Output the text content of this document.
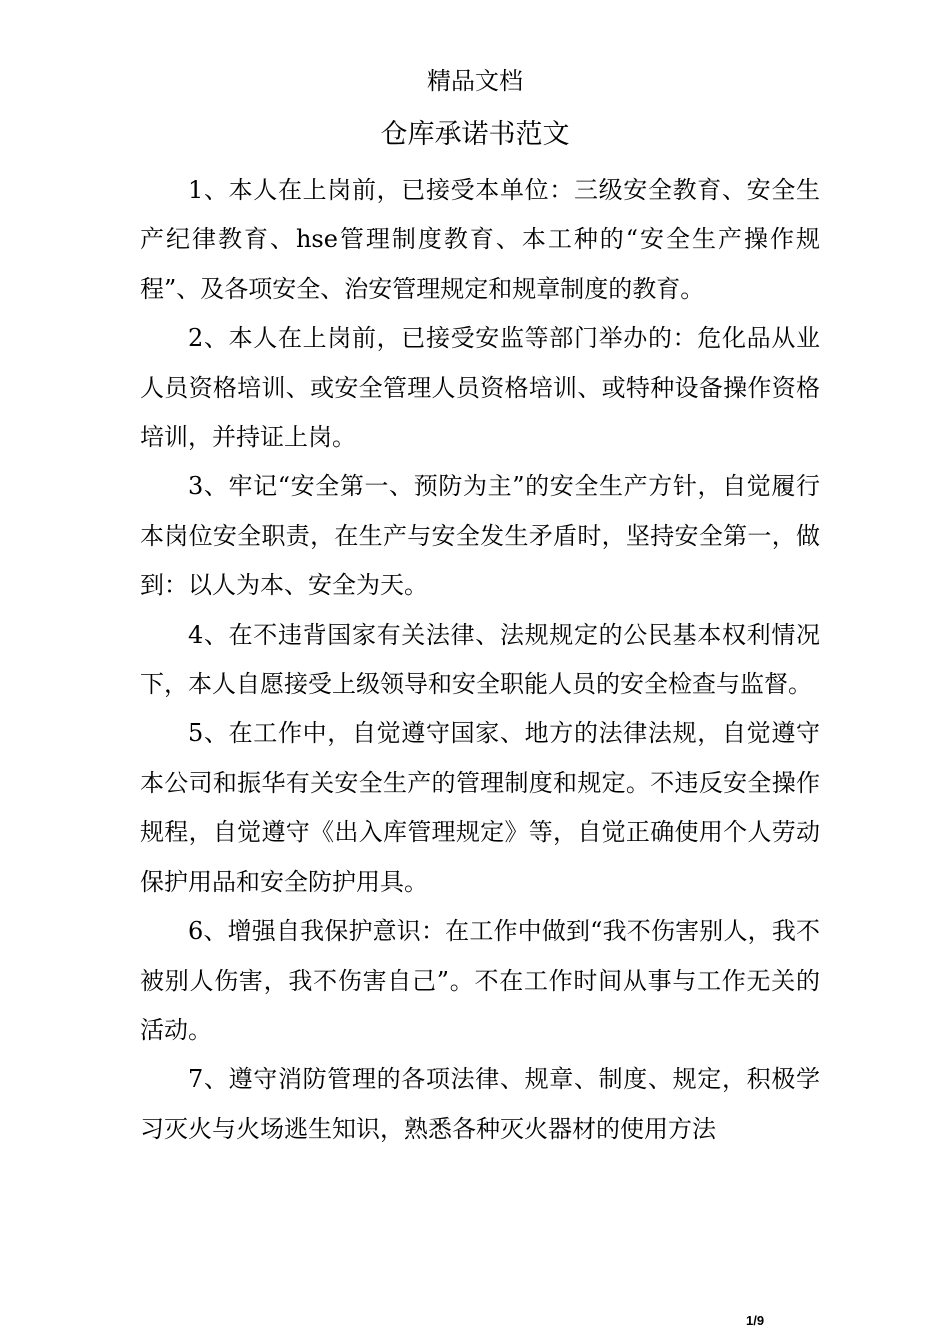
精品文档
仓库承诺书范文

1、本人在上岗前，已接受本单位：三级安全教育、安全生产纪律教育、hse管理制度教育、本工种的“安全生产操作规程”、及各项安全、治安管理规定和规章制度的教育。

2、本人在上岗前，已接受安监等部门举办的：危化品从业人员资格培训、或安全管理人员资格培训、或特种设备操作资格培训，并持证上岗。

3、牢记“安全第一、预防为主”的安全生产方针，自觉履行本岗位安全职责，在生产与安全发生矛盾时，坚持安全第一，做到：以人为本、安全为天。

4、在不违背国家有关法律、法规规定的公民基本权利情况下，本人自愿接受上级领导和安全职能人员的安全检查与监督。

5、在工作中，自觉遵守国家、地方的法律法规，自觉遵守本公司和振华有关安全生产的管理制度和规定。不违反安全操作规程，自觉遵守《出入库管理规定》等，自觉正确使用个人劳动保护用品和安全防护用具。

6、增强自我保护意识：在工作中做到“我不伤害别人，我不被别人伤害，我不伤害自己”。不在工作时间从事与工作无关的活动。

7、遵守消防管理的各项法律、规章、制度、规定，积极学习灭火与火场逃生知识，熟悉各种灭火器材的使用方法

1/9
